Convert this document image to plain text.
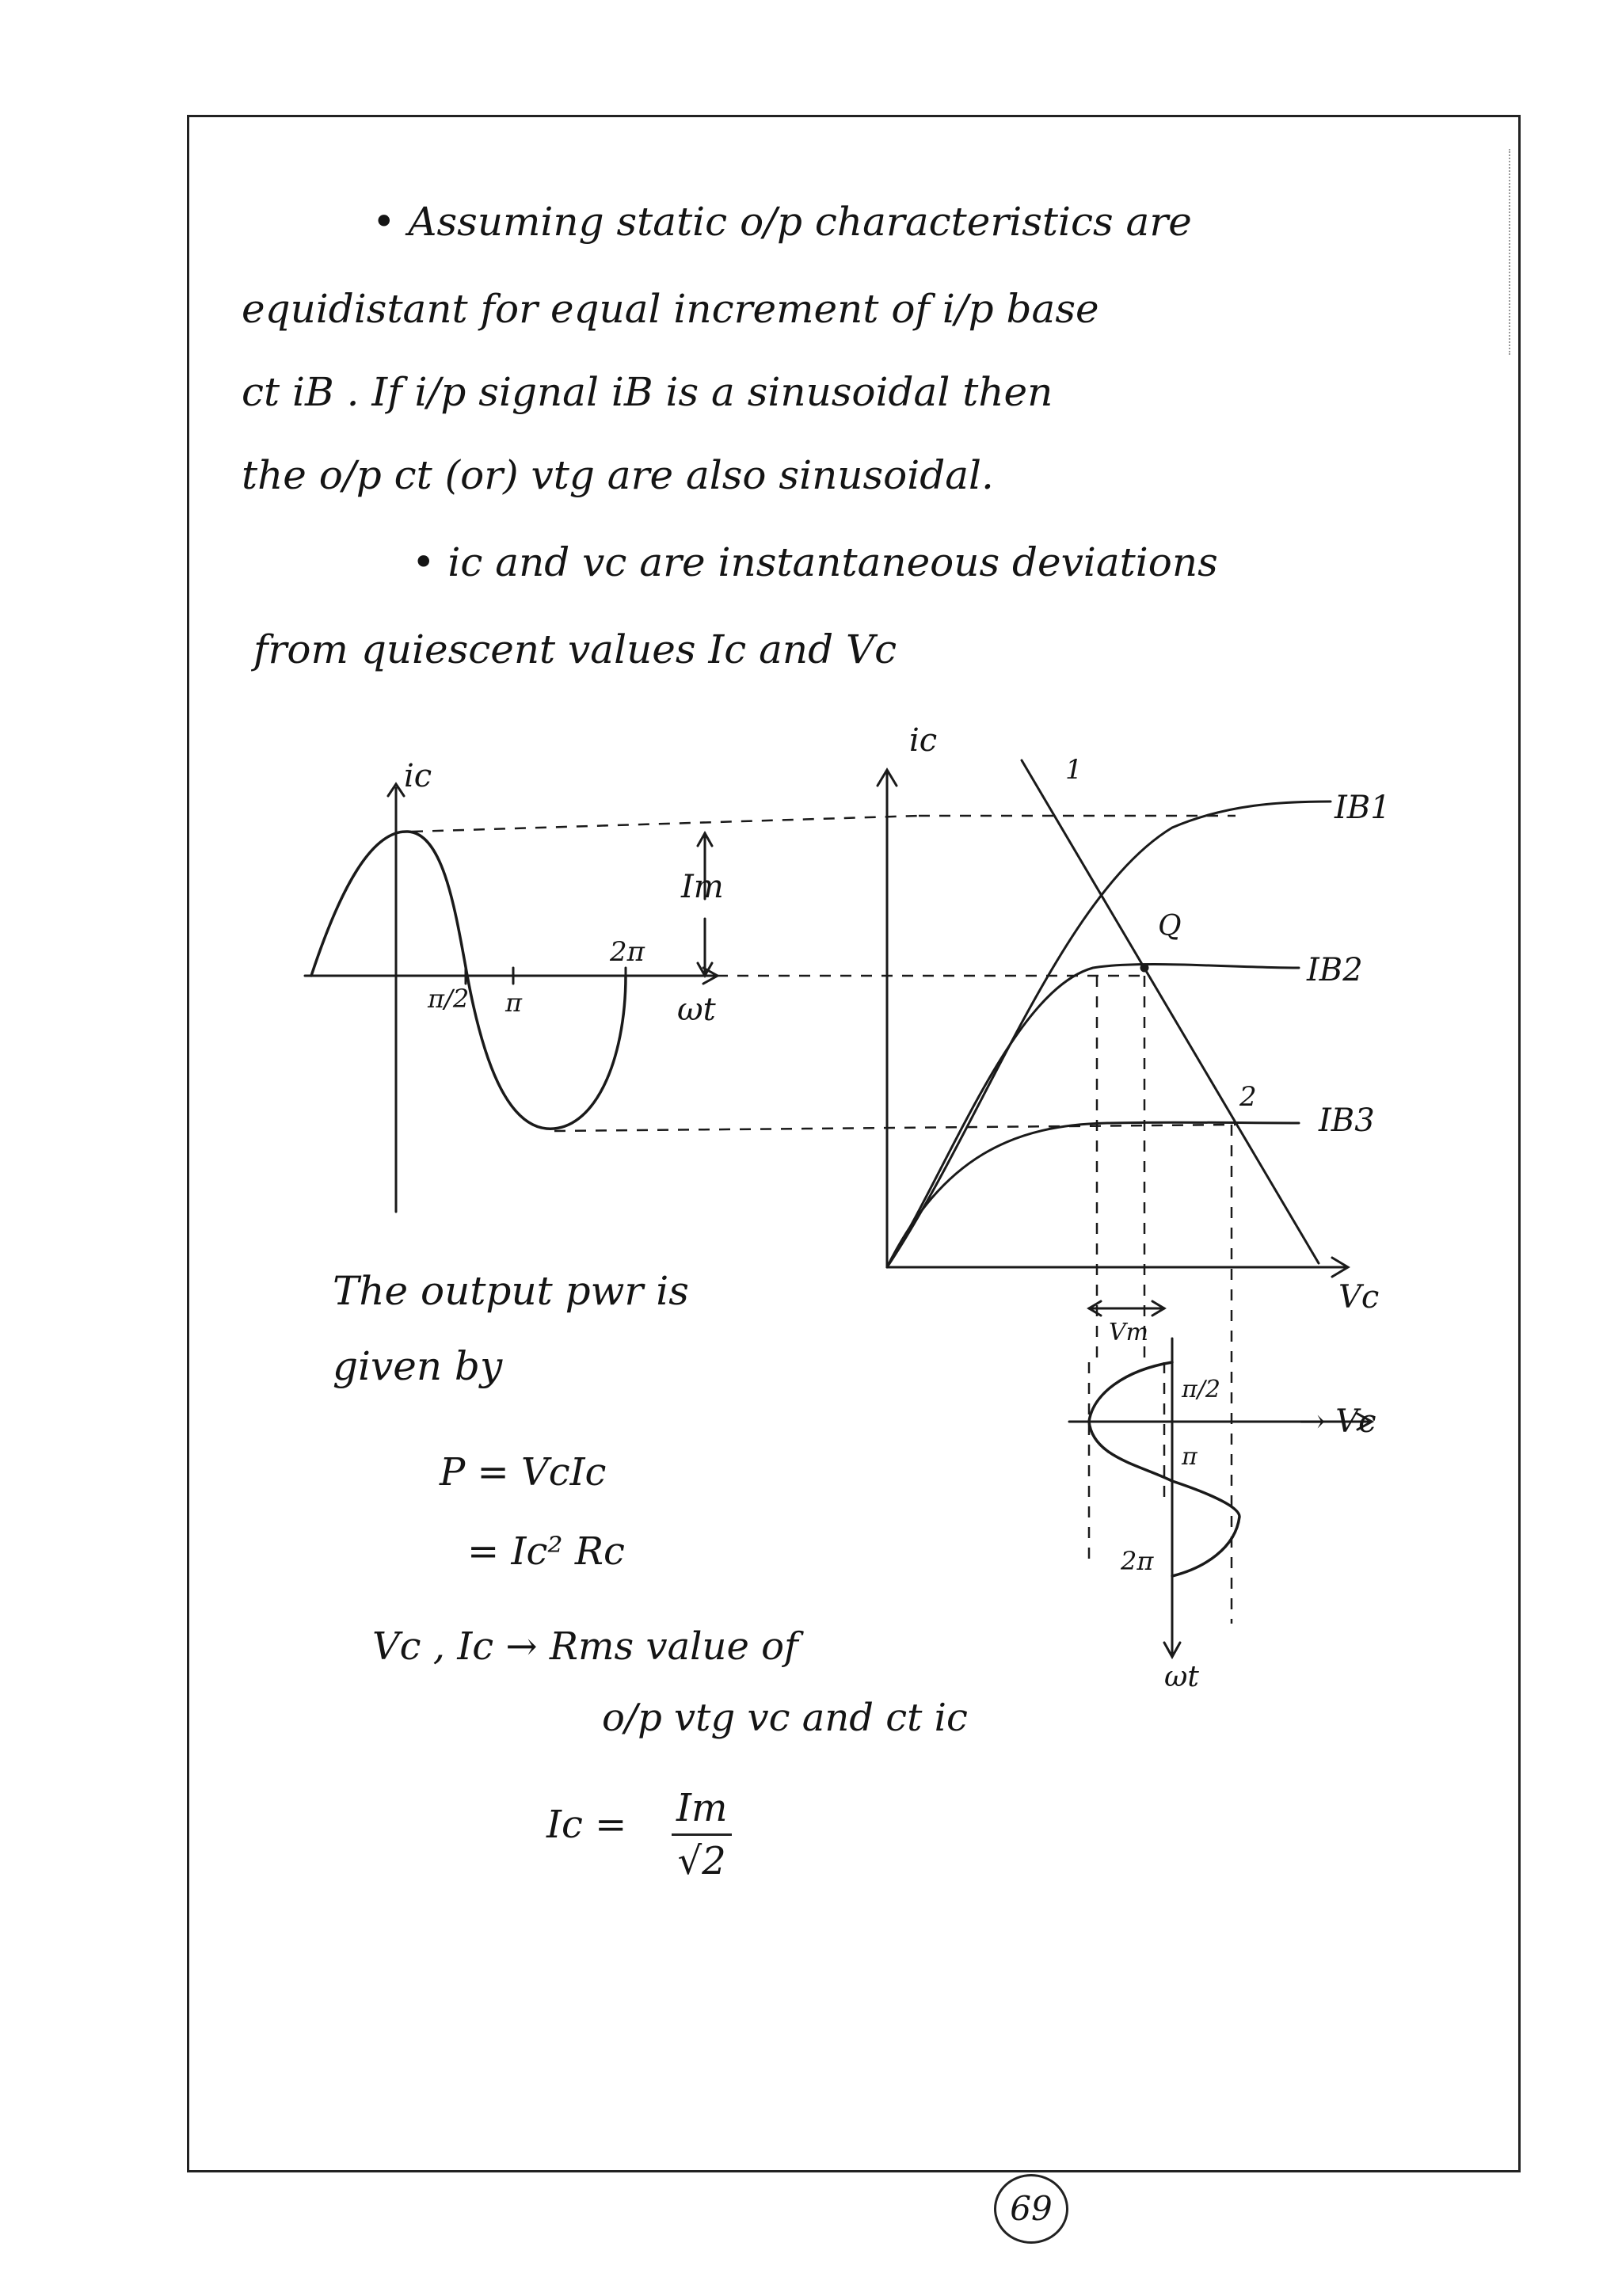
• Assuming static o/p characteristics are
equidistant for equal increment of i/p base
ct iB . If i/p signal iB is a sinusoidal then
the o/p ct (or) vtg are also sinusoidal.
• ic and vc are instantaneous deviations
from quiescent values Ic and Vc
ic
Im
π/2 π
2π
ωt
ic
1
Q
2
IB1
IB2
IB3
Vc
Vm
π/2
→ Vc
π
2π
ωt
The output pwr is
given by
P = VcIc
= Ic² Rc
Vc , Ic → Rms value of
o/p vtg vc and ct ic
$Ic = \frac{Im}{√2}$
69
